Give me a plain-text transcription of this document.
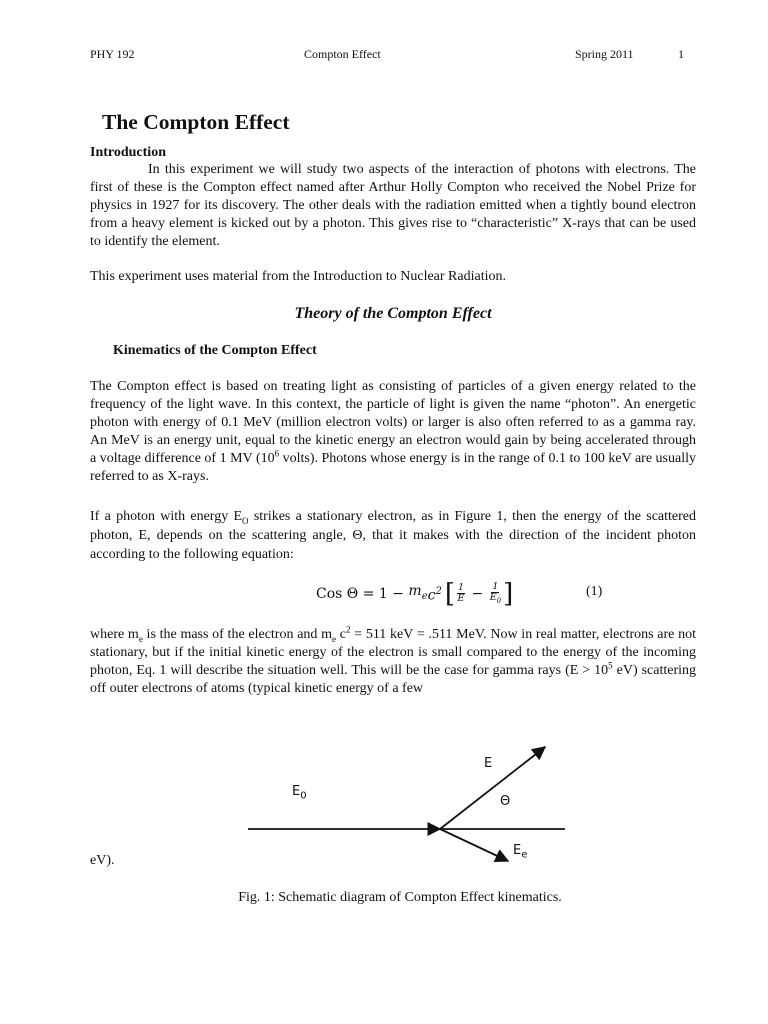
PHY 192	Compton Effect	Spring 2011	1
The Compton Effect
Introduction

In this experiment we will study two aspects of the interaction of photons with electrons. The first of these is the Compton effect named after Arthur Holly Compton who received the Nobel Prize for physics in 1927 for its discovery. The other deals with the radiation emitted when a tightly bound electron from a heavy element is kicked out by a photon. This gives rise to “characteristic” X-rays that can be used to identify the element.

This experiment uses material from the Introduction to Nuclear Radiation.

Theory of the Compton Effect
Kinematics of the Compton Effect

The Compton effect is based on treating light as consisting of particles of a given energy related to the frequency of the light wave. In this context, the particle of light is given the name “photon”. An energetic photon with energy of 0.1 MeV (million electron volts) or larger is also often referred to as a gamma ray. An MeV is an energy unit, equal to the kinetic energy an electron would gain by being accelerated through a voltage difference of 1 MV ($10^6$ volts). Photons whose energy is in the range of 0.1 to 100 keV are usually referred to as X-rays.

If a photon with energy $E_O$ strikes a stationary electron, as in Figure 1, then the energy of the scattered photon, E, depends on the scattering angle, Θ, that it makes with the direction of the incident photon according to the following equation:

Cos $\Theta = 1 - m_e$ $c^2$ [ $\frac{1}{E} - \frac{1}{E_0}$ ]	(1)

where $m_e$ is the mass of the electron and $m_e$ $c^2 = 511$ keV = .511 MeV. Now in real matter, electrons are not stationary, but if the initial kinetic energy of the electron is small compared to the energy of the incoming photon, Eq. 1 will describe the situation well. This will be the case for gamma rays ($E > 10^5$ eV) scattering off outer electrons of atoms (typical kinetic energy of a few

$E_0$
E
Θ
$E_e$
eV).
Fig. 1: Schematic diagram of Compton Effect kinematics.
